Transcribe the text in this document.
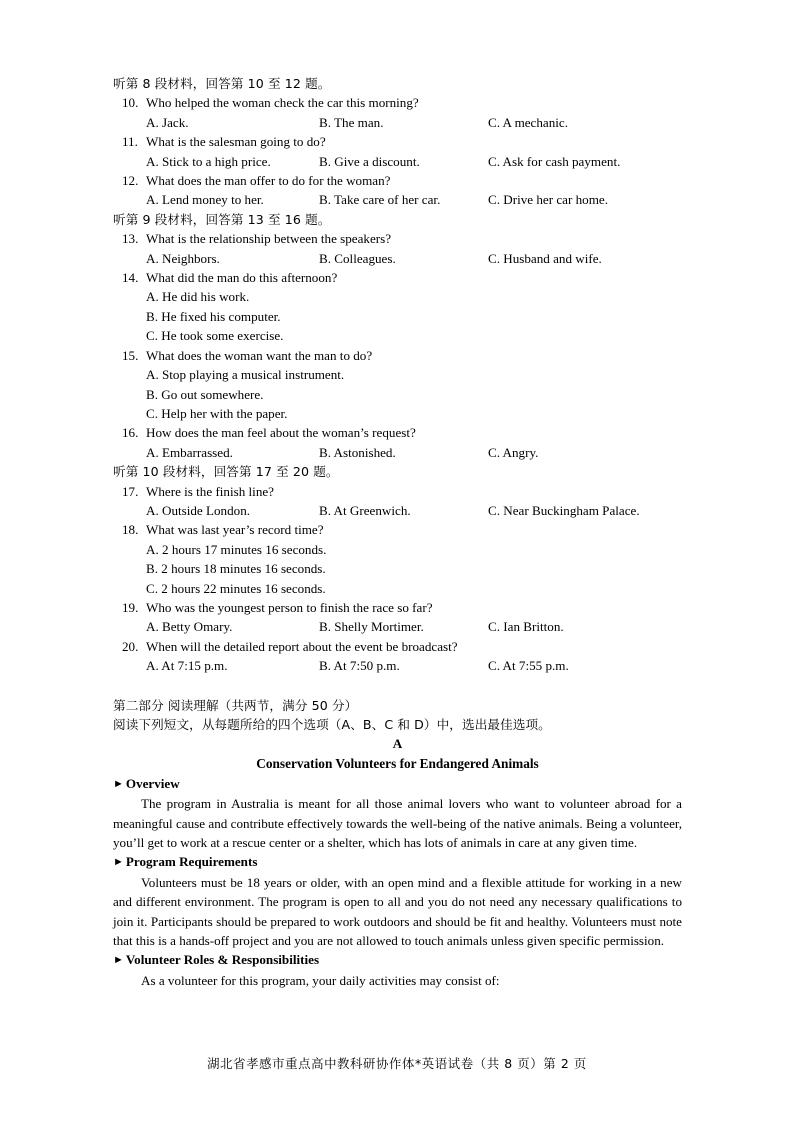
听第 8 段材料，回答第 10 至 12 题。
10. Who helped the woman check the car this morning?
A. Jack.	B. The man.	C. A mechanic.
11. What is the salesman going to do?
A. Stick to a high price.	B. Give a discount.	C. Ask for cash payment.
12. What does the man offer to do for the woman?
A. Lend money to her.	B. Take care of her car.	C. Drive her car home.
听第 9 段材料，回答第 13 至 16 题。
13. What is the relationship between the speakers?
A. Neighbors.	B. Colleagues.	C. Husband and wife.
14. What did the man do this afternoon?
A. He did his work.
B. He fixed his computer.
C. He took some exercise.
15. What does the woman want the man to do?
A. Stop playing a musical instrument.
B. Go out somewhere.
C. Help her with the paper.
16. How does the man feel about the woman’s request?
A. Embarrassed.	B. Astonished.	C. Angry.
听第 10 段材料，回答第 17 至 20 题。
17. Where is the finish line?
A. Outside London.	B. At Greenwich.	C. Near Buckingham Palace.
18. What was last year’s record time?
A. 2 hours 17 minutes 16 seconds.
B. 2 hours 18 minutes 16 seconds.
C. 2 hours 22 minutes 16 seconds.
19. Who was the youngest person to finish the race so far?
A. Betty Omary.	B. Shelly Mortimer.	C. Ian Britton.
20. When will the detailed report about the event be broadcast?
A. At 7:15 p.m.	B. At 7:50 p.m.	C. At 7:55 p.m.
第二部分 阅读理解（共两节，满分 50 分）
阅读下列短文，从每题所给的四个选项（A、B、C 和 D）中，选出最佳选项。
A
Conservation Volunteers for Endangered Animals
► Overview
The program in Australia is meant for all those animal lovers who want to volunteer abroad for a meaningful cause and contribute effectively towards the well-being of the native animals. Being a volunteer, you’ll get to work at a rescue center or a shelter, which has lots of animals in care at any given time.
► Program Requirements
Volunteers must be 18 years or older, with an open mind and a flexible attitude for working in a new and different environment. The program is open to all and you do not need any necessary qualifications to join it. Participants should be prepared to work outdoors and should be fit and healthy. Volunteers must note that this is a hands-off project and you are not allowed to touch animals unless given specific permission.
► Volunteer Roles & Responsibilities
As a volunteer for this program, your daily activities may consist of:
湖北省孝感市重点高中教科研协作体*英语试卷（共 8 页）第 2 页
